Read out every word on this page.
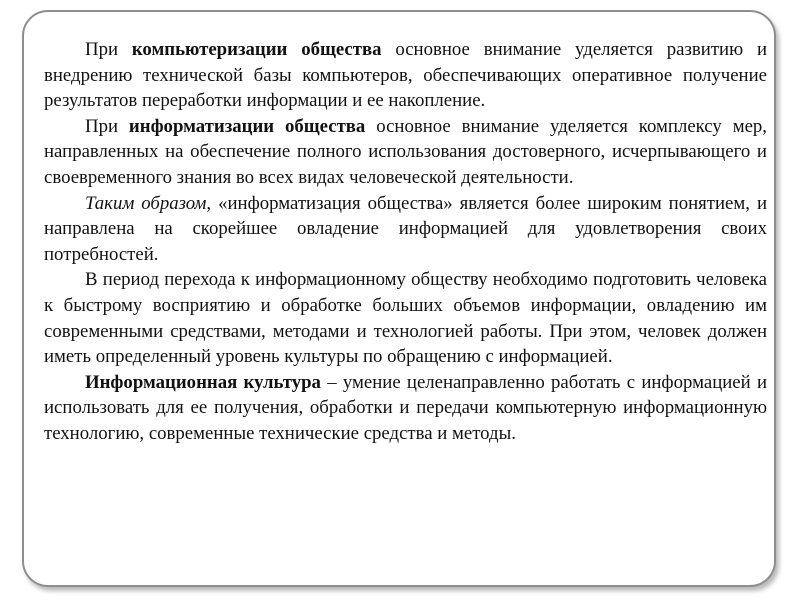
При компьютеризации общества основное внимание уделяется развитию и внедрению технической базы компьютеров, обеспечивающих оперативное получение результатов переработки информации и ее накопление.

При информатизации общества основное внимание уделяется комплексу мер, направленных на обеспечение полного использования достоверного, исчерпывающего и своевременного знания во всех видах человеческой деятельности.

Таким образом, «информатизация общества» является более широким понятием, и направлена на скорейшее овладение информацией для удовлетворения своих потребностей.

В период перехода к информационному обществу необходимо подготовить человека к быстрому восприятию и обработке больших объемов информации, овладению им современными средствами, методами и технологией работы. При этом, человек должен иметь определенный уровень культуры по обращению с информацией.

Информационная культура – умение целенаправленно работать с информацией и использовать для ее получения, обработки и передачи компьютерную информационную технологию, современные технические средства и методы.
